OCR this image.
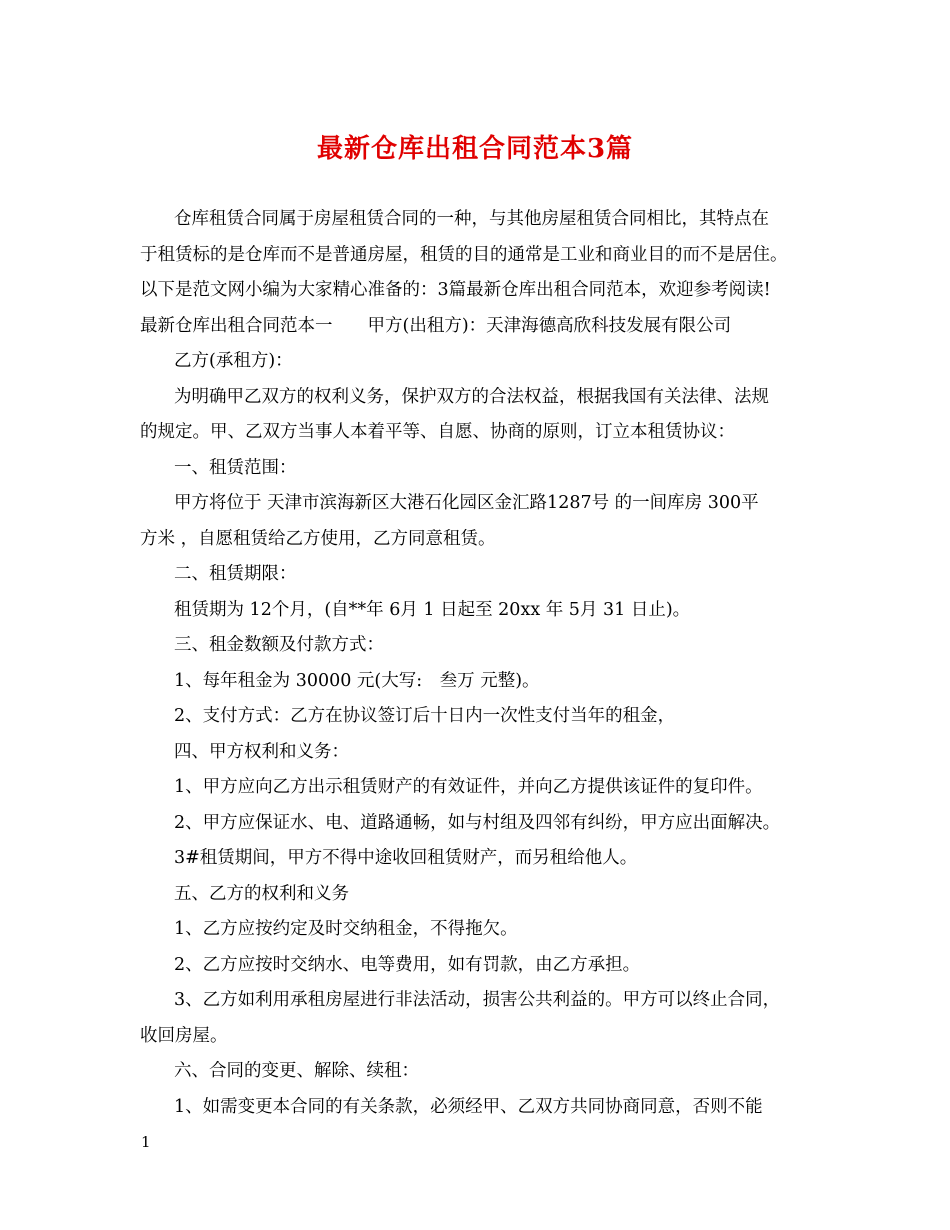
最新仓库出租合同范本3篇
仓库租赁合同属于房屋租赁合同的一种，与其他房屋租赁合同相比，其特点在
于租赁标的是仓库而不是普通房屋，租赁的目的通常是工业和商业目的而不是居住。
以下是范文网小编为大家精心准备的：3篇最新仓库出租合同范本，欢迎参考阅读!
最新仓库出租合同范本一　　甲方(出租方)：天津海德高欣科技发展有限公司
乙方(承租方)：
为明确甲乙双方的权利义务，保护双方的合法权益，根据我国有关法律、法规
的规定。甲、乙双方当事人本着平等、自愿、协商的原则，订立本租赁协议：
一、租赁范围：
甲方将位于 天津市滨海新区大港石化园区金汇路1287号 的一间库房 300平
方米 ，自愿租赁给乙方使用，乙方同意租赁。
二、租赁期限：
租赁期为 12个月，(自**年 6月 1 日起至 20xx 年 5月 31 日止)。
三、租金数额及付款方式：
1、每年租金为 30000 元(大写:　叁万 元整)。
2、支付方式：乙方在协议签订后十日内一次性支付当年的租金，
四、甲方权利和义务：
1、甲方应向乙方出示租赁财产的有效证件，并向乙方提供该证件的复印件。
2、甲方应保证水、电、道路通畅，如与村组及四邻有纠纷，甲方应出面解决。
3#租赁期间，甲方不得中途收回租赁财产，而另租给他人。
五、乙方的权利和义务
1、乙方应按约定及时交纳租金，不得拖欠。
2、乙方应按时交纳水、电等费用，如有罚款，由乙方承担。
3、乙方如利用承租房屋进行非法活动，损害公共利益的。甲方可以终止合同，
收回房屋。
六、合同的变更、解除、续租：
1、如需变更本合同的有关条款，必须经甲、乙双方共同协商同意，否则不能
1
